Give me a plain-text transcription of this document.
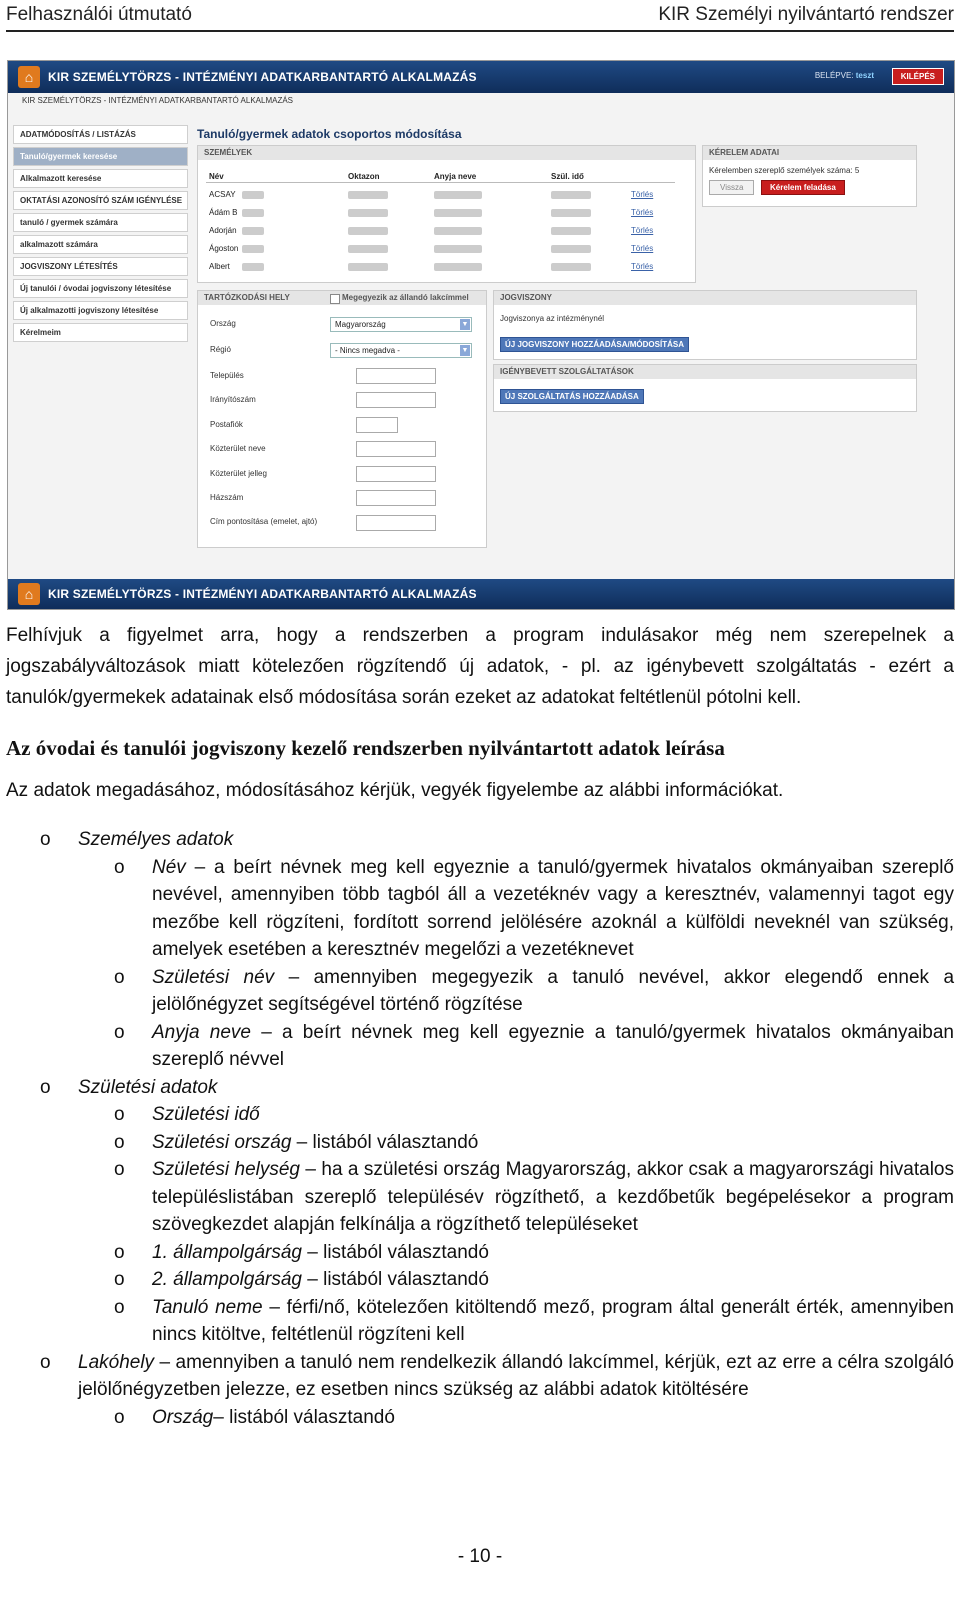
Felhasználói útmutató	KIR Személyi nyilvántartó rendszer
⌂	KIR SZEMÉLYTÖRZS - INTÉZMÉNYI ADATKARBANTARTÓ ALKALMAZÁS	BELÉPVE: teszt	KILÉPÉS
KIR SZEMÉLYTÖRZS - INTÉZMÉNYI ADATKARBANTARTÓ ALKALMAZÁS
ADATMÓDOSÍTÁS / LISTÁZÁS
Tanuló/gyermek keresése
Alkalmazott keresése
OKTATÁSI AZONOSÍTÓ SZÁM IGÉNYLÉSE
tanuló / gyermek számára
alkalmazott számára
JOGVISZONY LÉTESÍTÉS
Új tanulói / óvodai jogviszony létesítése
Új alkalmazotti jogviszony létesítése
Kérelmeim
Tanuló/gyermek adatok csoportos módosítása
SZEMÉLYEK
Név	Oktazon	Anyja neve	Szül. idő
ACSAY	Törlés
Ádám B	Törlés
Adorján	Törlés
Ágoston	Törlés
Albert	Törlés
KÉRELEM ADATAI
Kérelemben szereplő személyek száma: 5
Vissza	Kérelem feladása
TARTÓZKODÁSI HELY	Megegyezik az állandó lakcímmel
Ország	Magyarország	▼
Régió	- Nincs megadva -	▼
Település
Irányítószám
Postafiók
Közterület neve
Közterület jelleg
Házszám
Cím pontosítása (emelet, ajtó)
JOGVISZONY
Jogviszonya az intézménynél
ÚJ JOGVISZONY HOZZÁADÁSA/MÓDOSÍTÁSA
IGÉNYBEVETT SZOLGÁLTATÁSOK
ÚJ SZOLGÁLTATÁS HOZZÁADÁSA
⌂	KIR SZEMÉLYTÖRZS - INTÉZMÉNYI ADATKARBANTARTÓ ALKALMAZÁS
Felhívjuk a figyelmet arra, hogy a rendszerben a program indulásakor még nem szerepelnek a jogszabályváltozások miatt kötelezően rögzítendő új adatok, - pl. az igénybevett szolgáltatás - ezért a tanulók/gyermekek adatainak első módosítása során ezeket az adatokat feltétlenül pótolni kell.
Az óvodai és tanulói jogviszony kezelő rendszerben nyilvántartott adatok leírása
Az adatok megadásához, módosításához kérjük, vegyék figyelembe az alábbi információkat.
o Személyes adatok
o Név – a beírt névnek meg kell egyeznie a tanuló/gyermek hivatalos okmányaiban szereplő nevével, amennyiben több tagból áll a vezetéknév vagy a keresztnév, valamennyi tagot egy mezőbe kell rögzíteni, fordított sorrend jelölésére azoknál a külföldi neveknél van szükség, amelyek esetében a keresztnév megelőzi a vezetéknevet
o Születési név – amennyiben megegyezik a tanuló nevével, akkor elegendő ennek a jelölőnégyzet segítségével történő rögzítése
o Anyja neve – a beírt névnek meg kell egyeznie a tanuló/gyermek hivatalos okmányaiban szereplő névvel
o Születési adatok
o Születési idő
o Születési ország – listából választandó
o Születési helység – ha a születési ország Magyarország, akkor csak a magyarországi hivatalos településlistában szereplő településév rögzíthető, a kezdőbetűk begépelésekor a program szövegkezdet alapján felkínálja a rögzíthető településeket
o 1. állampolgárság – listából választandó
o 2. állampolgárság – listából választandó
o Tanuló neme – férfi/nő, kötelezően kitöltendő mező, program által generált érték, amennyiben nincs kitöltve, feltétlenül rögzíteni kell
o Lakóhely – amennyiben a tanuló nem rendelkezik állandó lakcímmel, kérjük, ezt az erre a célra szolgáló jelölőnégyzetben jelezze, ez esetben nincs szükség az alábbi adatok kitöltésére
o Ország– listából választandó
- 10 -
